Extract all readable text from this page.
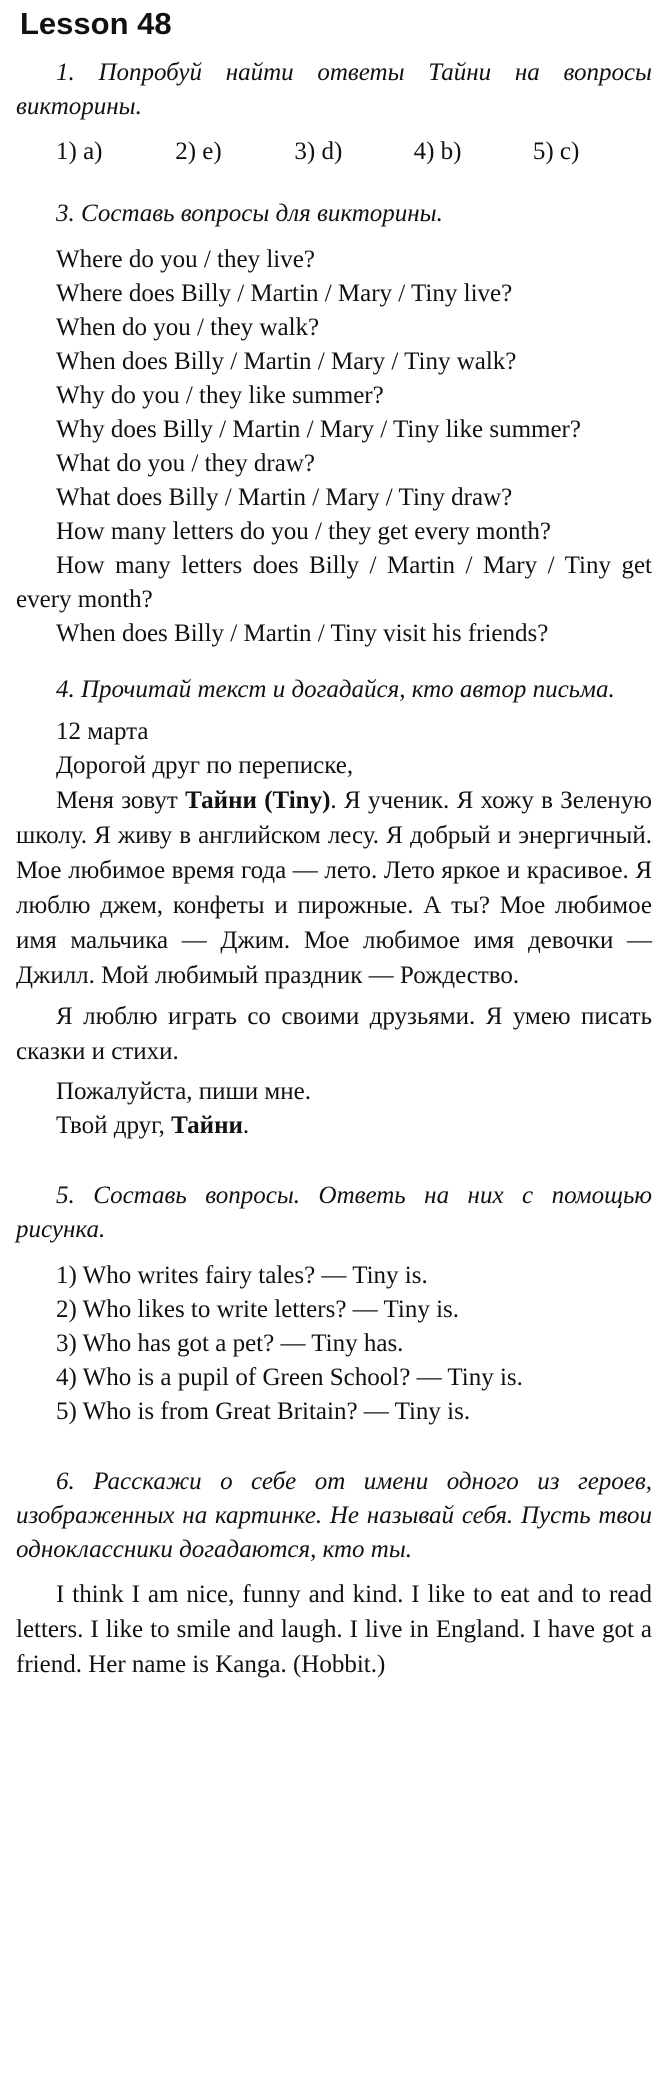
Lesson 48

1. Попробуй найти ответы Тайни на вопросы викторины.

1) a)	2) e)	3) d)	4) b)	5) c)

3. Составь вопросы для викторины.

Where do you / they live?

Where does Billy / Martin / Mary / Tiny live?

When do you / they walk?

When does Billy / Martin / Mary / Tiny walk?

Why do you / they like summer?

Why does Billy / Martin / Mary / Tiny like summer?

What do you / they draw?

What does Billy / Martin / Mary / Tiny draw?

How many letters do you / they get every month?

How many letters does Billy / Martin / Mary / Tiny get every month?

When does Billy / Martin / Tiny visit his friends?

4. Прочитай текст и догадайся, кто автор письма.

12 марта

Дорогой друг по переписке,

Меня зовут Тайни (Tiny). Я ученик. Я хожу в Зеленую школу. Я живу в английском лесу. Я добрый и энергичный. Мое любимое время года — лето. Лето яркое и красивое. Я люблю джем, конфеты и пирожные. А ты? Мое любимое имя мальчика — Джим. Мое любимое имя девочки — Джилл. Мой любимый праздник — Рождество.

Я люблю играть со своими друзьями. Я умею писать сказки и стихи.

Пожалуйста, пиши мне.

Твой друг, Тайни.

5. Составь вопросы. Ответь на них с помощью рисунка.

1) Who writes fairy tales? — Tiny is.

2) Who likes to write letters? — Tiny is.

3) Who has got a pet? — Tiny has.

4) Who is a pupil of Green School? — Tiny is.

5) Who is from Great Britain? — Tiny is.

6. Расскажи о себе от имени одного из героев, изображенных на картинке. Не называй себя. Пусть твои одноклассники догадаются, кто ты.

I think I am nice, funny and kind. I like to eat and to read letters. I like to smile and laugh. I live in England. I have got a friend. Her name is Kanga. (Hobbit.)
